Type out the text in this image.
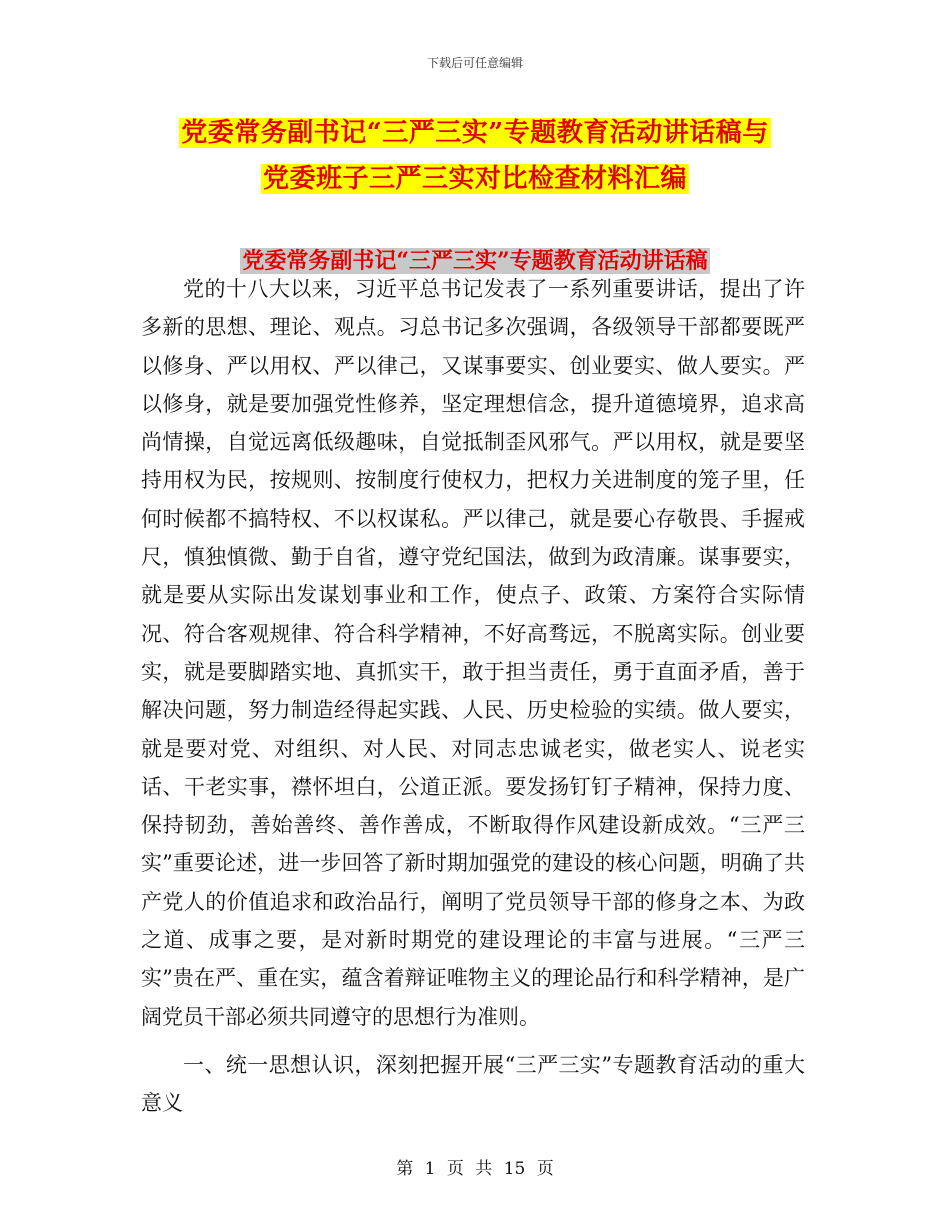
下载后可任意编辑
党委常务副书记“三严三实”专题教育活动讲话稿与
党委班子三严三实对比检查材料汇编
党委常务副书记“三严三实”专题教育活动讲话稿

党的十八大以来，习近平总书记发表了一系列重要讲话，提出了许多新的思想、理论、观点。习总书记多次强调，各级领导干部都要既严以修身、严以用权、严以律己，又谋事要实、创业要实、做人要实。严以修身，就是要加强党性修养，坚定理想信念，提升道德境界，追求高尚情操，自觉远离低级趣味，自觉抵制歪风邪气。严以用权，就是要坚持用权为民，按规则、按制度行使权力，把权力关进制度的笼子里，任何时候都不搞特权、不以权谋私。严以律己，就是要心存敬畏、手握戒尺，慎独慎微、勤于自省，遵守党纪国法，做到为政清廉。谋事要实，就是要从实际出发谋划事业和工作，使点子、政策、方案符合实际情况、符合客观规律、符合科学精神，不好高骛远，不脱离实际。创业要实，就是要脚踏实地、真抓实干，敢于担当责任，勇于直面矛盾，善于解决问题，努力制造经得起实践、人民、历史检验的实绩。做人要实，就是要对党、对组织、对人民、对同志忠诚老实，做老实人、说老实话、干老实事，襟怀坦白，公道正派。要发扬钉钉子精神，保持力度、保持韧劲，善始善终、善作善成，不断取得作风建设新成效。“三严三实”重要论述，进一步回答了新时期加强党的建设的核心问题，明确了共产党人的价值追求和政治品行，阐明了党员领导干部的修身之本、为政之道、成事之要，是对新时期党的建设理论的丰富与进展。“三严三实”贵在严、重在实，蕴含着辩证唯物主义的理论品行和科学精神，是广阔党员干部必须共同遵守的思想行为准则。

一、统一思想认识，深刻把握开展“三严三实”专题教育活动的重大意义

第 1 页 共 15 页
